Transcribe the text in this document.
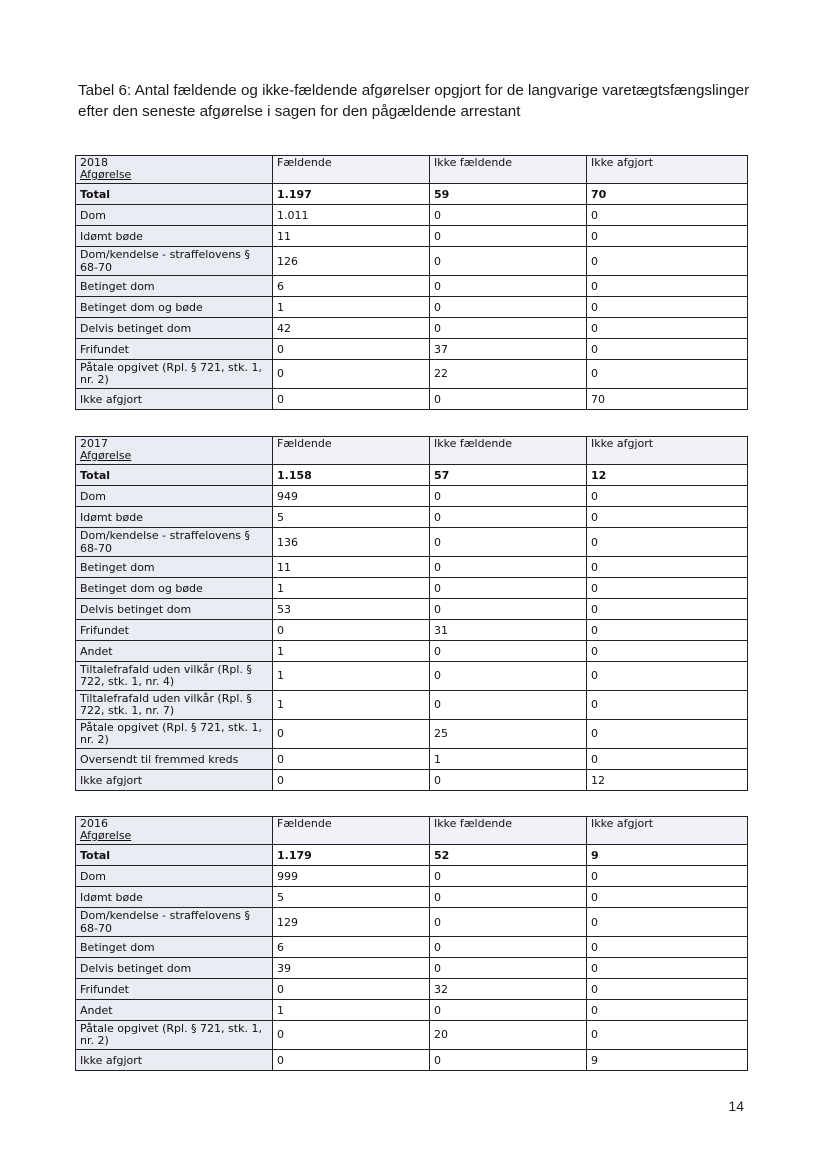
Tabel 6: Antal fældende og ikke-fældende afgørelser opgjort for de langvarige varetægtsfængslinger efter den seneste afgørelse i sagen for den pågældende arrestant
2018
Afgørelse	Fældende	Ikke fældende	Ikke afgjort
Total	1.197	59	70
Dom	1.011	0	0
Idømt bøde	11	0	0
Dom/kendelse - straffelovens § 68-70	126	0	0
Betinget dom	6	0	0
Betinget dom og bøde	1	0	0
Delvis betinget dom	42	0	0
Frifundet	0	37	0
Påtale opgivet (Rpl. § 721, stk. 1, nr. 2)	0	22	0
Ikke afgjort	0	0	70
2017
Afgørelse	Fældende	Ikke fældende	Ikke afgjort
Total	1.158	57	12
Dom	949	0	0
Idømt bøde	5	0	0
Dom/kendelse - straffelovens § 68-70	136	0	0
Betinget dom	11	0	0
Betinget dom og bøde	1	0	0
Delvis betinget dom	53	0	0
Frifundet	0	31	0
Andet	1	0	0
Tiltalefrafald uden vilkår (Rpl. § 722, stk. 1, nr. 4)	1	0	0
Tiltalefrafald uden vilkår (Rpl. § 722, stk. 1, nr. 7)	1	0	0
Påtale opgivet (Rpl. § 721, stk. 1, nr. 2)	0	25	0
Oversendt til fremmed kreds	0	1	0
Ikke afgjort	0	0	12
2016
Afgørelse	Fældende	Ikke fældende	Ikke afgjort
Total	1.179	52	9
Dom	999	0	0
Idømt bøde	5	0	0
Dom/kendelse - straffelovens § 68-70	129	0	0
Betinget dom	6	0	0
Delvis betinget dom	39	0	0
Frifundet	0	32	0
Andet	1	0	0
Påtale opgivet (Rpl. § 721, stk. 1, nr. 2)	0	20	0
Ikke afgjort	0	0	9
14
